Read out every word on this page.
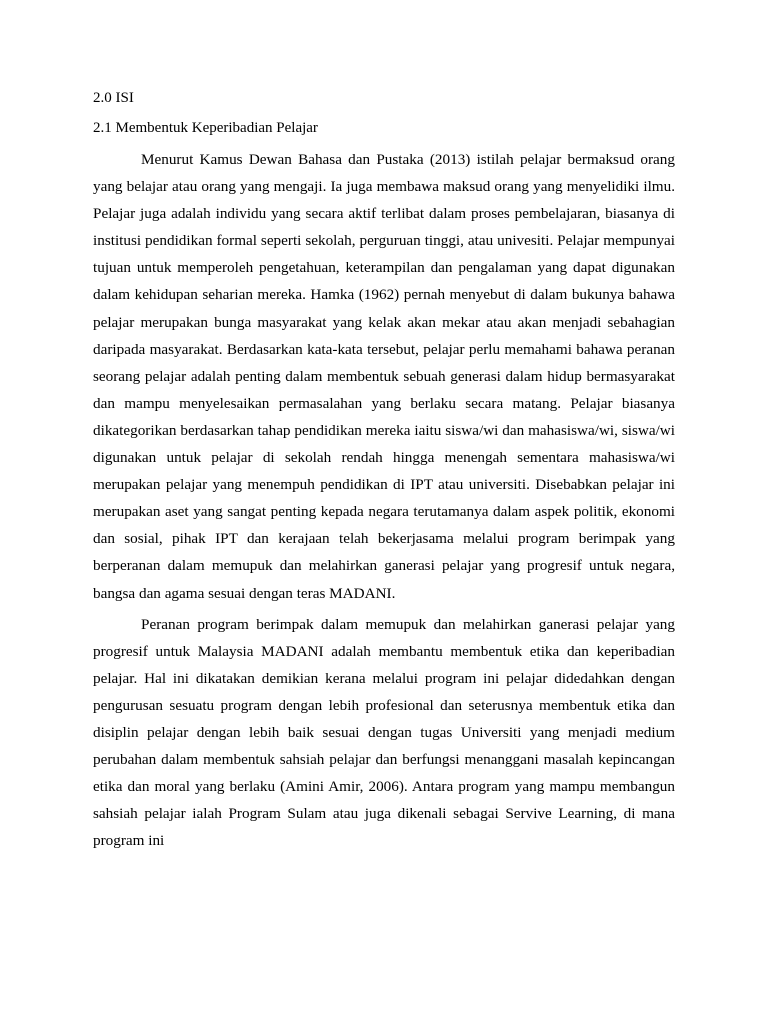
2.0 ISI

2.1 Membentuk Keperibadian Pelajar

Menurut Kamus Dewan Bahasa dan Pustaka (2013) istilah pelajar bermaksud orang yang belajar atau orang yang mengaji. Ia juga membawa maksud orang yang menyelidiki ilmu. Pelajar juga adalah individu yang secara aktif terlibat dalam proses pembelajaran, biasanya di institusi pendidikan formal seperti sekolah, perguruan tinggi, atau univesiti. Pelajar mempunyai tujuan untuk memperoleh pengetahuan, keterampilan dan pengalaman yang dapat digunakan dalam kehidupan seharian mereka. Hamka (1962) pernah menyebut di dalam bukunya bahawa pelajar merupakan bunga masyarakat yang kelak akan mekar atau akan menjadi sebahagian daripada masyarakat. Berdasarkan kata-kata tersebut, pelajar perlu memahami bahawa peranan seorang pelajar adalah penting dalam membentuk sebuah generasi dalam hidup bermasyarakat dan mampu menyelesaikan permasalahan yang berlaku secara matang. Pelajar biasanya dikategorikan berdasarkan tahap pendidikan mereka iaitu siswa/wi dan mahasiswa/wi, siswa/wi digunakan untuk pelajar di sekolah rendah hingga menengah sementara mahasiswa/wi merupakan pelajar yang menempuh pendidikan di IPT atau universiti. Disebabkan pelajar ini merupakan aset yang sangat penting kepada negara terutamanya dalam aspek politik, ekonomi dan sosial, pihak IPT dan kerajaan telah bekerjasama melalui program berimpak yang berperanan dalam memupuk dan melahirkan ganerasi pelajar yang progresif untuk negara, bangsa dan agama sesuai dengan teras MADANI.

Peranan program berimpak dalam memupuk dan melahirkan ganerasi pelajar yang progresif untuk Malaysia MADANI adalah membantu membentuk etika dan keperibadian pelajar. Hal ini dikatakan demikian kerana melalui program ini pelajar didedahkan dengan pengurusan sesuatu program dengan lebih profesional dan seterusnya membentuk etika dan disiplin pelajar dengan lebih baik sesuai dengan tugas Universiti yang menjadi medium perubahan dalam membentuk sahsiah pelajar dan berfungsi menanggani masalah kepincangan etika dan moral yang berlaku (Amini Amir, 2006). Antara program yang mampu membangun sahsiah pelajar ialah Program Sulam atau juga dikenali sebagai Servive Learning, di mana program ini
